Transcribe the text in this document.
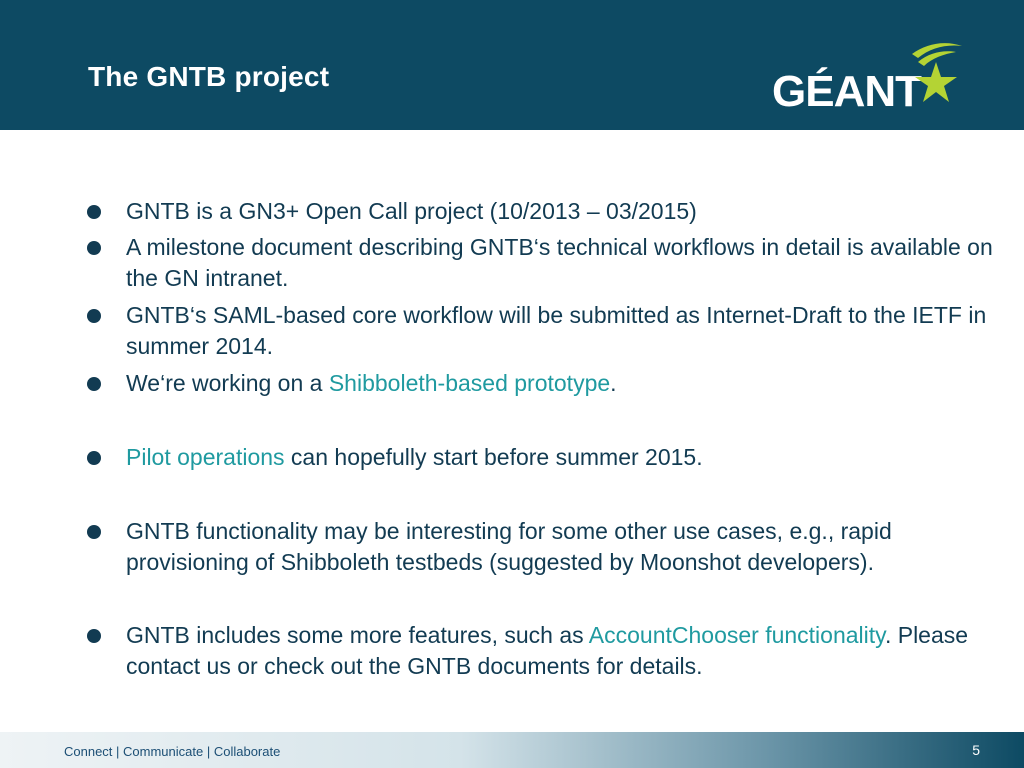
The GNTB project	GÉANT
GNTB is a GN3+ Open Call project (10/2013 – 03/2015)
A milestone document describing GNTB‘s technical workflows in detail is available on the GN intranet.
GNTB‘s SAML-based core workflow will be submitted as Internet-Draft to the IETF in summer 2014.
We‘re working on a Shibboleth-based prototype.
Pilot operations can hopefully start before summer 2015.
GNTB functionality may be interesting for some other use cases, e.g., rapid provisioning of Shibboleth testbeds (suggested by Moonshot developers).
GNTB includes some more features, such as AccountChooser functionality. Please contact us or check out the GNTB documents for details.
Connect | Communicate | Collaborate	5
